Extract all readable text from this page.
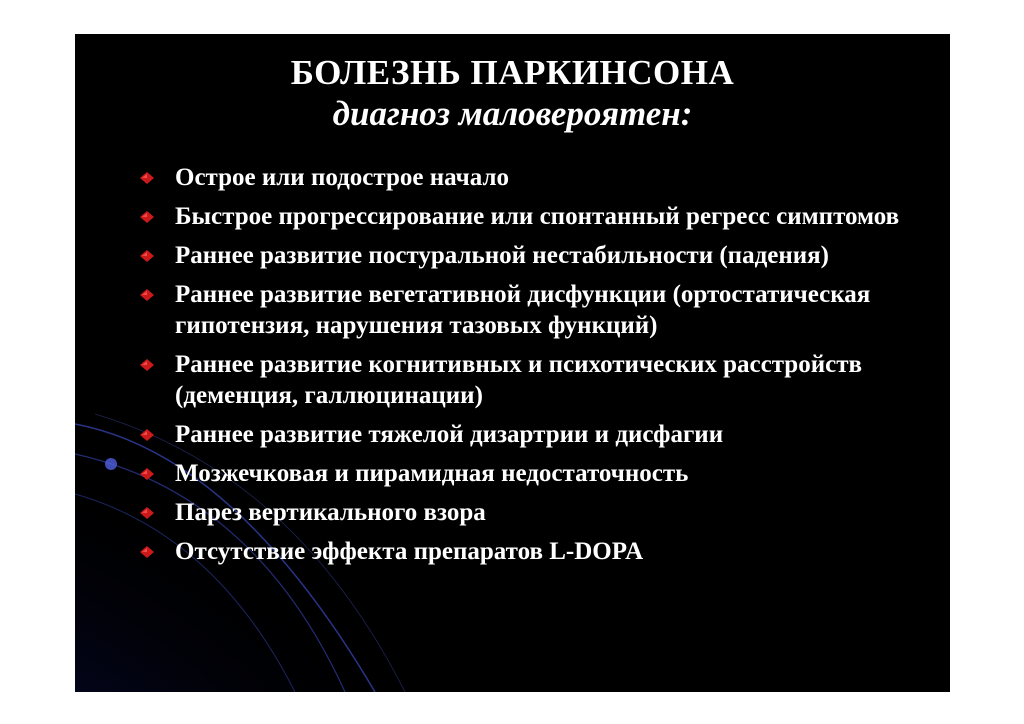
БОЛЕЗНЬ ПАРКИНСОНА
диагноз маловероятен:
Острое или подострое начало
Быстрое прогрессирование или спонтанный регресс симптомов
Раннее развитие постуральной нестабильности (падения)
Раннее развитие вегетативной дисфункции (ортостатическая гипотензия, нарушения тазовых функций)
Раннее развитие когнитивных и психотических расстройств (деменция, галлюцинации)
Раннее развитие тяжелой дизартрии и дисфагии
Мозжечковая и пирамидная недостаточность
Парез вертикального взора
Отсутствие эффекта препаратов L-DOPA
